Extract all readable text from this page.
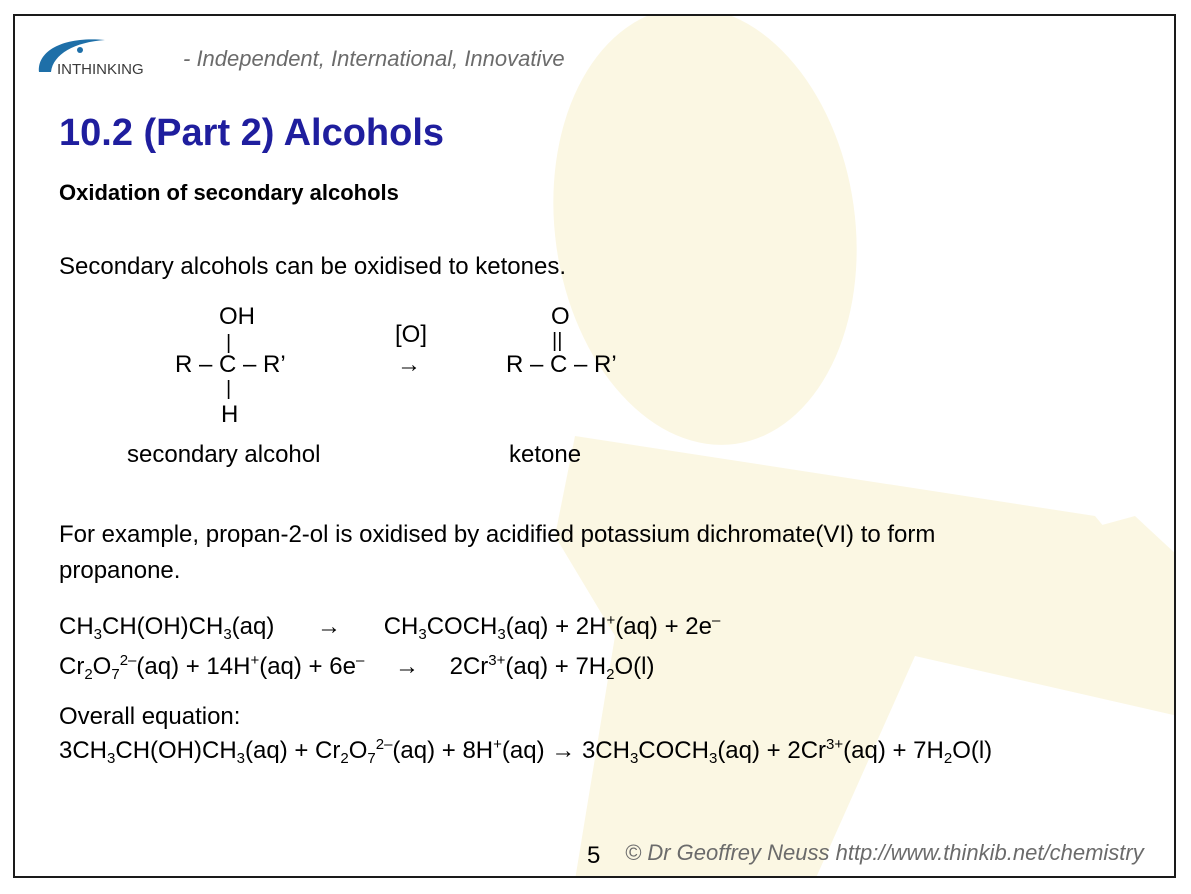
INTHINKING - Independent, International, Innovative
10.2 (Part 2) Alcohols
Oxidation of secondary alcohols
Secondary alcohols can be oxidised to ketones.
OH
|
R – C – R’
|
H
[O]
→
O
||
R – C – R’
secondary alcohol	ketone
For example, propan-2-ol is oxidised by acidified potassium dichromate(VI) to form
propanone.
$CH_3CH(OH)CH_3(aq)$ → $CH_3COCH_3(aq) + 2H^+(aq) + 2e^-$
$Cr_2O_7^{2-}(aq) + 14H^+(aq) + 6e^- \to 2Cr^{3+}(aq) + 7H_2O(l)$
Overall equation:
$3CH_3CH(OH)CH_3(aq) + Cr_2O_7^{2-}(aq) + 8H^+(aq)$ → $3CH_3COCH_3(aq) + 2Cr^{3+}(aq) + 7H_2O(l)$
5 © Dr Geoffrey Neuss http://www.thinkib.net/chemistry
